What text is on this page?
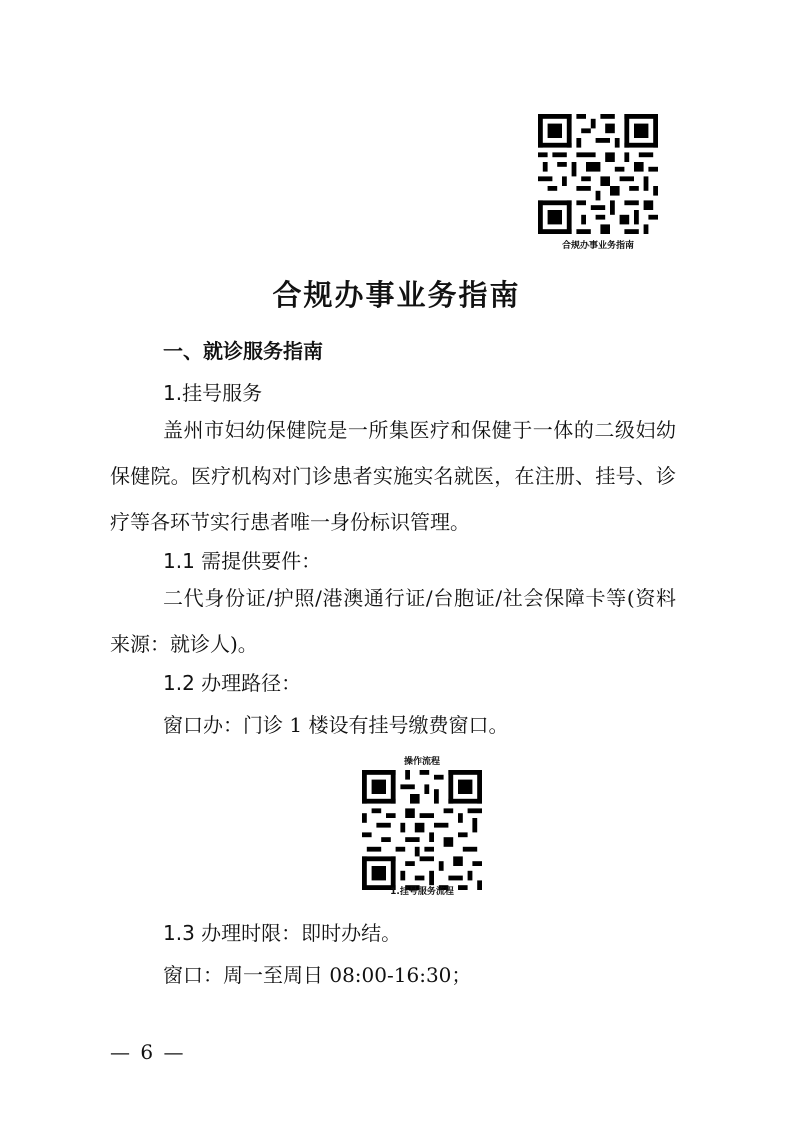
合规办事业务指南
合规办事业务指南
一、就诊服务指南
1.挂号服务

盖州市妇幼保健院是一所集医疗和保健于一体的二级妇幼保健院。医疗机构对门诊患者实施实名就医，在注册、挂号、诊疗等各环节实行患者唯一身份标识管理。

1.1 需提供要件：

二代身份证/护照/港澳通行证/台胞证/社会保障卡等(资料来源：就诊人)。

1.2 办理路径：
窗口办：门诊 1 楼设有挂号缴费窗口。
操作流程
1.挂号服务流程
1.3 办理时限：即时办结。
窗口：周一至周日 08:00-16:30；
— 6 —
